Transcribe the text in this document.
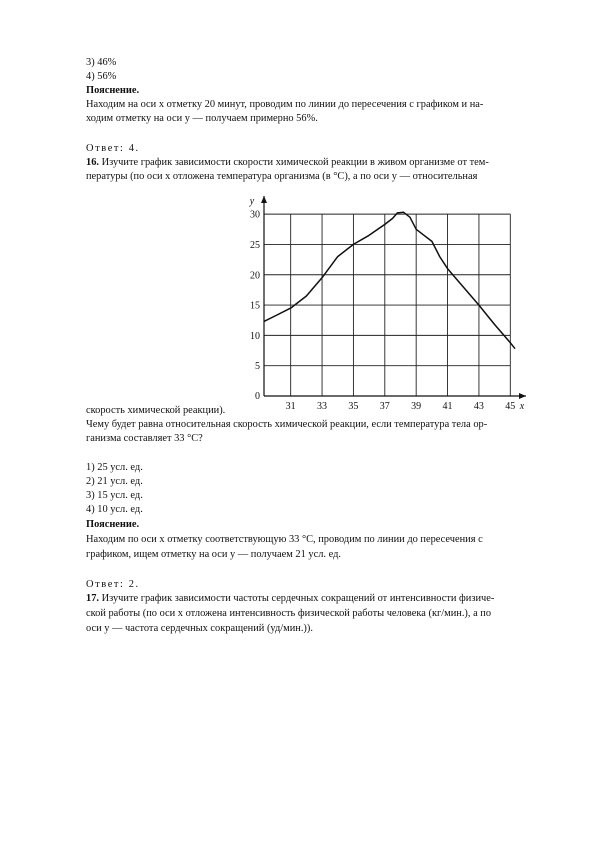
3) 46%
4) 56%
Пояснение.
Находим на оси x отметку 20 минут, проводим по линии до пересечения с графиком и на-
ходим отметку на оси y — получаем примерно 56%.
Ответ: 4.
16. Изучите график зависимости скорости химической реакции в живом организме от тем-
пературы (по оси x отложена температура организма (в °C), а по оси y — относительная
31 33 35 37 39 41 43 45
5
10
15
20
25
30
0
x
y
скорость химической реакции).
Чему будет равна относительная скорость химической реакции, если температура тела ор-
ганизма составляет 33 °C?
1) 25 усл. ед.
2) 21 усл. ед.
3) 15 усл. ед.
4) 10 усл. ед.
Пояснение.
Находим по оси x отметку соответствующую 33 °C, проводим по линии до пересечения с
графиком, ищем отметку на оси y — получаем 21 усл. ед.
Ответ: 2.
17. Изучите график зависимости частоты сердечных сокращений от интенсивности физиче-
ской работы (по оси x отложена интенсивность физической работы человека (кг/мин.), а по
оси y — частота сердечных сокращений (уд/мин.)).
